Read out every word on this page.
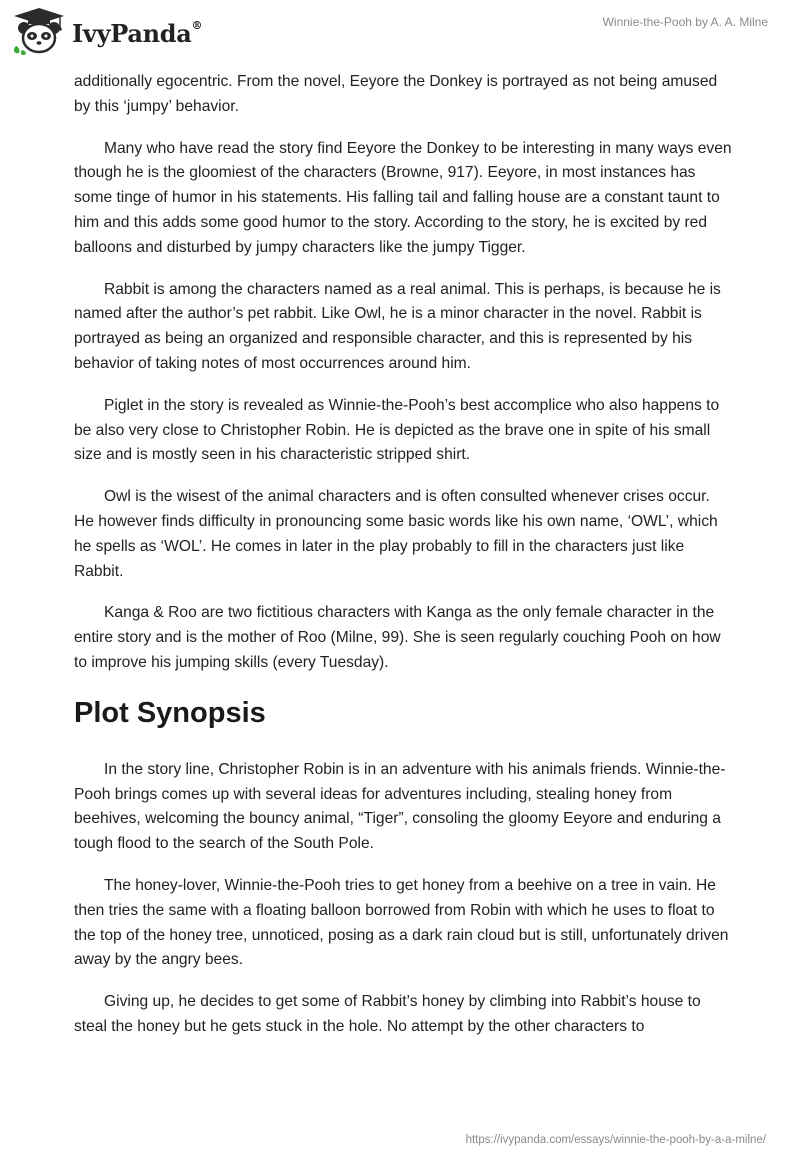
IvyPanda®	Winnie-the-Pooh by A. A. Milne

additionally egocentric. From the novel, Eeyore the Donkey is portrayed as not being amused by this ‘jumpy’ behavior.

Many who have read the story find Eeyore the Donkey to be interesting in many ways even though he is the gloomiest of the characters (Browne, 917). Eeyore, in most instances has some tinge of humor in his statements. His falling tail and falling house are a constant taunt to him and this adds some good humor to the story. According to the story, he is excited by red balloons and disturbed by jumpy characters like the jumpy Tigger.

Rabbit is among the characters named as a real animal. This is perhaps, is because he is named after the author’s pet rabbit. Like Owl, he is a minor character in the novel. Rabbit is portrayed as being an organized and responsible character, and this is represented by his behavior of taking notes of most occurrences around him.

Piglet in the story is revealed as Winnie-the-Pooh’s best accomplice who also happens to be also very close to Christopher Robin. He is depicted as the brave one in spite of his small size and is mostly seen in his characteristic stripped shirt.

Owl is the wisest of the animal characters and is often consulted whenever crises occur. He however finds difficulty in pronouncing some basic words like his own name, ‘OWL’, which he spells as ‘WOL’. He comes in later in the play probably to fill in the characters just like Rabbit.

Kanga & Roo are two fictitious characters with Kanga as the only female character in the entire story and is the mother of Roo (Milne, 99). She is seen regularly couching Pooh on how to improve his jumping skills (every Tuesday).

Plot Synopsis

In the story line, Christopher Robin is in an adventure with his animals friends. Winnie-the-Pooh brings comes up with several ideas for adventures including, stealing honey from beehives, welcoming the bouncy animal, “Tiger”, consoling the gloomy Eeyore and enduring a tough flood to the search of the South Pole.

The honey-lover, Winnie-the-Pooh tries to get honey from a beehive on a tree in vain. He then tries the same with a floating balloon borrowed from Robin with which he uses to float to the top of the honey tree, unnoticed, posing as a dark rain cloud but is still, unfortunately driven away by the angry bees.

Giving up, he decides to get some of Rabbit’s honey by climbing into Rabbit’s house to steal the honey but he gets stuck in the hole. No attempt by the other characters to

https://ivypanda.com/essays/winnie-the-pooh-by-a-a-milne/
